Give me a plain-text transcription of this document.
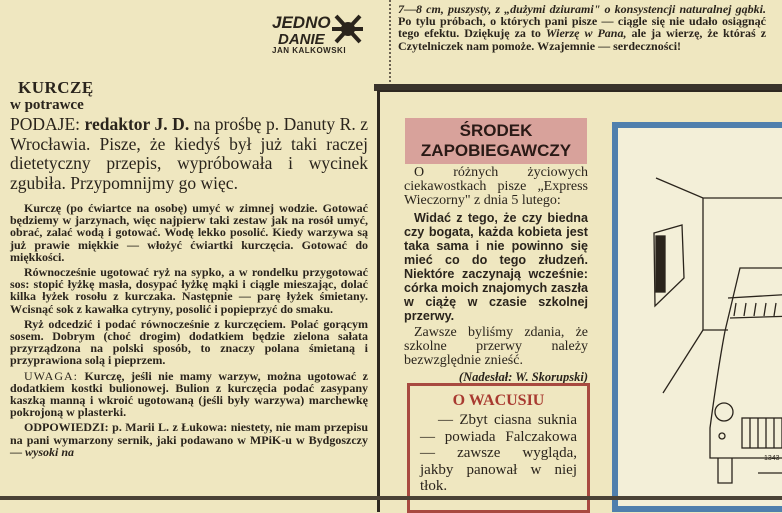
JEDNO
DANIE
JAN KALKOWSKI
KURCZĘ
w potrawce
PODAJE: redaktor J. D. na prośbę p. Danuty R. z Wrocławia. Pisze, że kiedyś był już taki raczej dietetyczny przepis, wypróbowała i wycinek zgubiła. Przypomnijmy go więc.

Kurczę (po ćwiartce na osobę) umyć w zimnej wodzie. Gotować będziemy w jarzynach, więc najpierw taki zestaw jak na rosół umyć, obrać, zalać wodą i gotować. Wodę lekko posolić. Kiedy warzywa są już prawie miękkie — włożyć ćwiartki kurczęcia. Gotować do miękkości.

Równocześnie ugotować ryż na sypko, a w rondelku przygotować sos: stopić łyżkę masła, dosypać łyżkę mąki i ciągle mieszając, dolać kilka łyżek rosołu z kurczaka. Następnie — parę łyżek śmietany. Wcisnąć sok z kawałka cytryny, posolić i popieprzyć do smaku.

Ryż odcedzić i podać równocześnie z kurczęciem. Polać gorącym sosem. Dobrym (choć drogim) dodatkiem będzie zielona sałata przyrządzona na polski sposób, to znaczy polana śmietaną i przyprawiona solą i pieprzem.

UWAGA: Kurczę, jeśli nie mamy warzyw, można ugotować z dodatkiem kostki bulionowej. Bulion z kurczęcia podać zasypany kaszką manną i wkroić ugotowaną (jeśli były warzywa) marchewkę pokrojoną w plasterki.

ODPOWIEDZI: p. Marii L. z Łukowa: niestety, nie mam przepisu na pani wymarzony sernik, jaki podawano w MPiK-u w Bydgoszczy — wysoki na

7—8 cm, puszysty, z „dużymi dziurami" o konsystencji naturalnej gąbki. Po tylu próbach, o których pani pisze — ciągle się nie udało osiągnąć tego efektu. Dziękuję za to Wierzę w Pana, ale ja wierzę, że któraś z Czytelniczek nam pomoże. Wzajemnie — serdeczności!

ŚRODEK
ZAPOBIEGAWCZY

O różnych życiowych ciekawostkach pisze „Express Wieczorny" z dnia 5 lutego:

Widać z tego, że czy biedna czy bogata, każda kobieta jest taka sama i nie powinno się mieć co do tego złudzeń. Niektóre zaczynają wcześnie: córka moich znajomych zaszła w ciążę w czasie szkolnej przerwy.

Zawsze byliśmy zdania, że szkolne przerwy należy bezwzględnie znieść.

(Nadesłał: W. Skorupski)

O WACUSIU
— Zbyt ciasna suknia — powiada Falczakowa — zawsze wygląda, jakby panował w niej tłok.
1343
